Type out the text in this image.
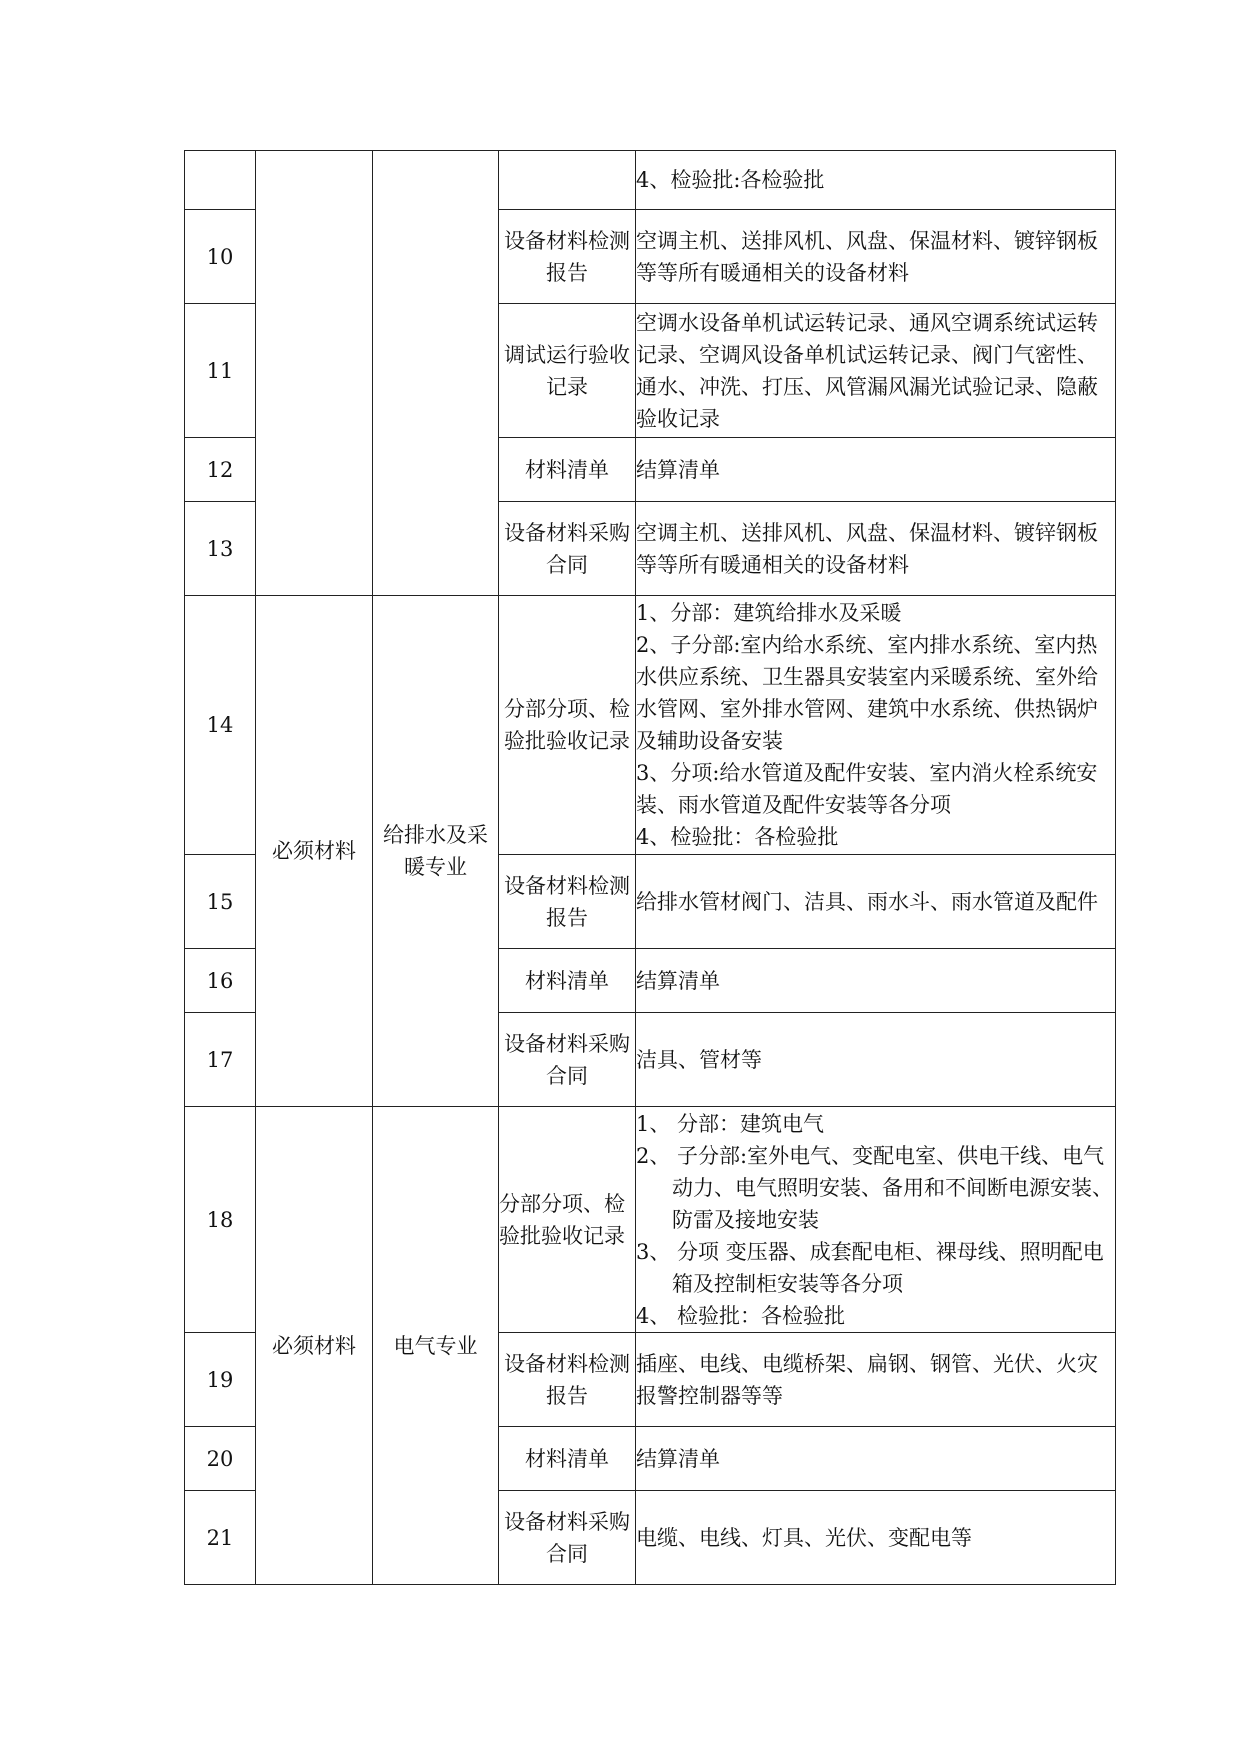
				4、检验批:各检验批

10			设备材料检测报告	空调主机、送排风机、风盘、保温材料、镀锌钢板等等所有暖通相关的设备材料

11			调试运行验收记录	空调水设备单机试运转记录、通风空调系统试运转记录、空调风设备单机试运转记录、阀门气密性、通水、冲洗、打压、风管漏风漏光试验记录、隐蔽验收记录

12			材料清单	结算清单

13			设备材料采购合同	空调主机、送排风机、风盘、保温材料、镀锌钢板等等所有暖通相关的设备材料

14	必须材料	给排水及采暖专业	分部分项、检验批验收记录	1、分部：建筑给排水及采暖
2、子分部:室内给水系统、室内排水系统、室内热水供应系统、卫生器具安装室内采暖系统、室外给水管网、室外排水管网、建筑中水系统、供热锅炉及辅助设备安装
3、分项:给水管道及配件安装、室内消火栓系统安装、雨水管道及配件安装等各分项
4、检验批：各检验批

15			设备材料检测报告	给排水管材阀门、洁具、雨水斗、雨水管道及配件

16			材料清单	结算清单

17			设备材料采购合同	洁具、管材等

18	必须材料	电气专业	分部分项、检验批验收记录	1、 分部：建筑电气
2、 子分部:室外电气、变配电室、供电干线、电气动力、电气照明安装、备用和不间断电源安装、防雷及接地安装
3、 分项 变压器、成套配电柜、裸母线、照明配电箱及控制柜安装等各分项
4、 检验批：各检验批

19			设备材料检测报告	插座、电线、电缆桥架、扁钢、钢管、光伏、火灾报警控制器等等

20			材料清单	结算清单

21			设备材料采购合同	电缆、电线、灯具、光伏、变配电等
